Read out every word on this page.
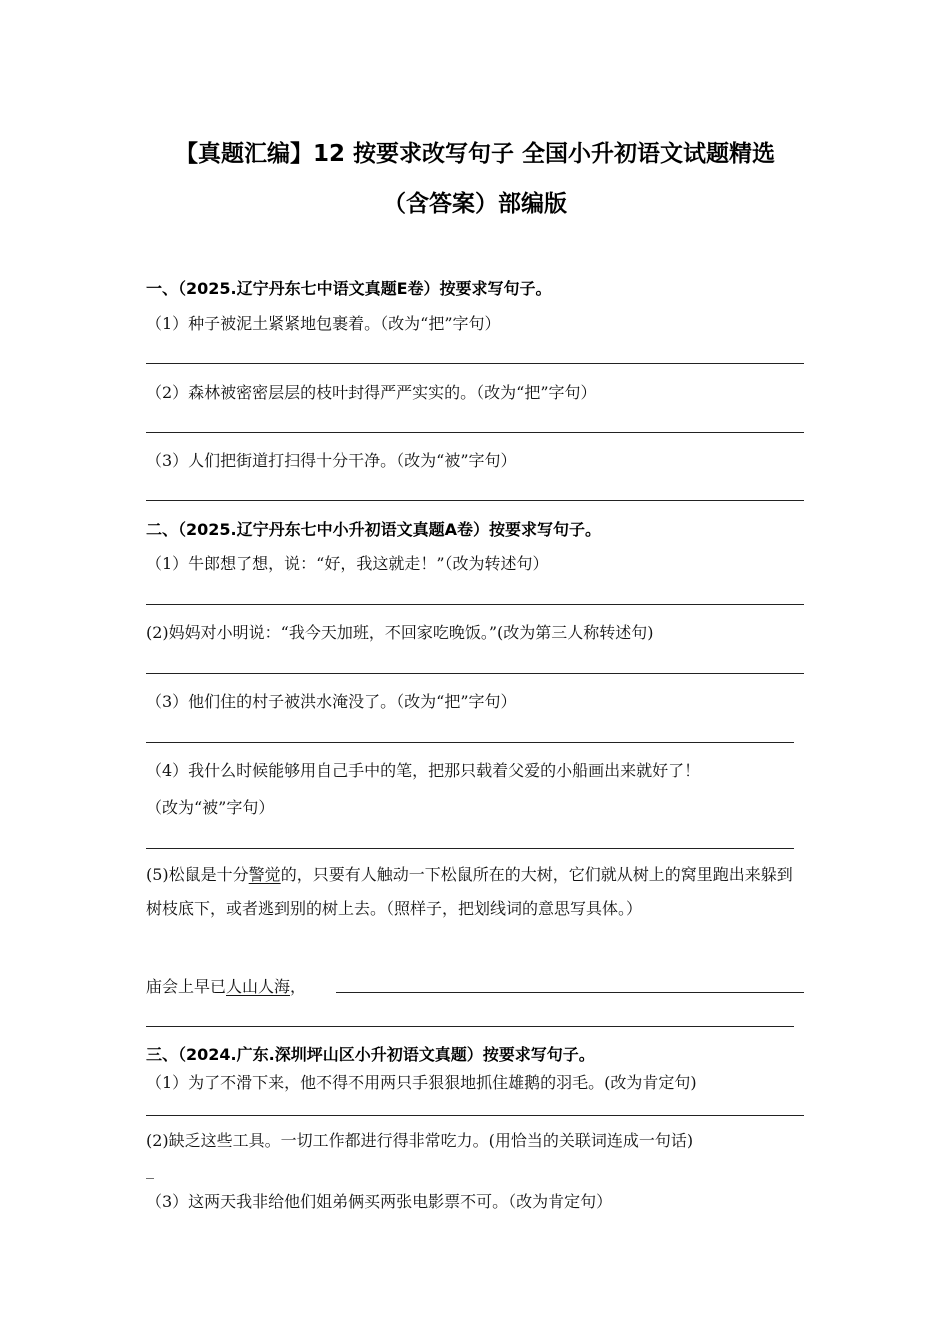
【真题汇编】12 按要求改写句子 全国小升初语文试题精选
（含答案）部编版
一、（2025.辽宁丹东七中语文真题E卷）按要求写句子。
（1）种子被泥土紧紧地包裹着。（改为“把”字句）
（2）森林被密密层层的枝叶封得严严实实的。（改为“把”字句）
（3）人们把街道打扫得十分干净。（改为“被”字句）
二、（2025.辽宁丹东七中小升初语文真题A卷）按要求写句子。
（1）牛郎想了想，说：“好，我这就走！”（改为转述句）
(2)妈妈对小明说：“我今天加班，不回家吃晚饭。”(改为第三人称转述句)
（3）他们住的村子被洪水淹没了。（改为“把”字句）
（4）我什么时候能够用自己手中的笔，把那只载着父爱的小船画出来就好了！
（改为“被”字句）
(5)松鼠是十分警觉的，只要有人触动一下松鼠所在的大树，它们就从树上的窝里跑出来躲到树枝底下，或者逃到别的树上去。（照样子，把划线词的意思写具体。）
庙会上早已人山人海，
三、（2024.广东.深圳坪山区小升初语文真题）按要求写句子。
（1）为了不滑下来，他不得不用两只手狠狠地抓住雄鹅的羽毛。(改为肯定句)
(2)缺乏这些工具。一切工作都进行得非常吃力。(用恰当的关联词连成一句话)
_
（3）这两天我非给他们姐弟俩买两张电影票不可。（改为肯定句）
